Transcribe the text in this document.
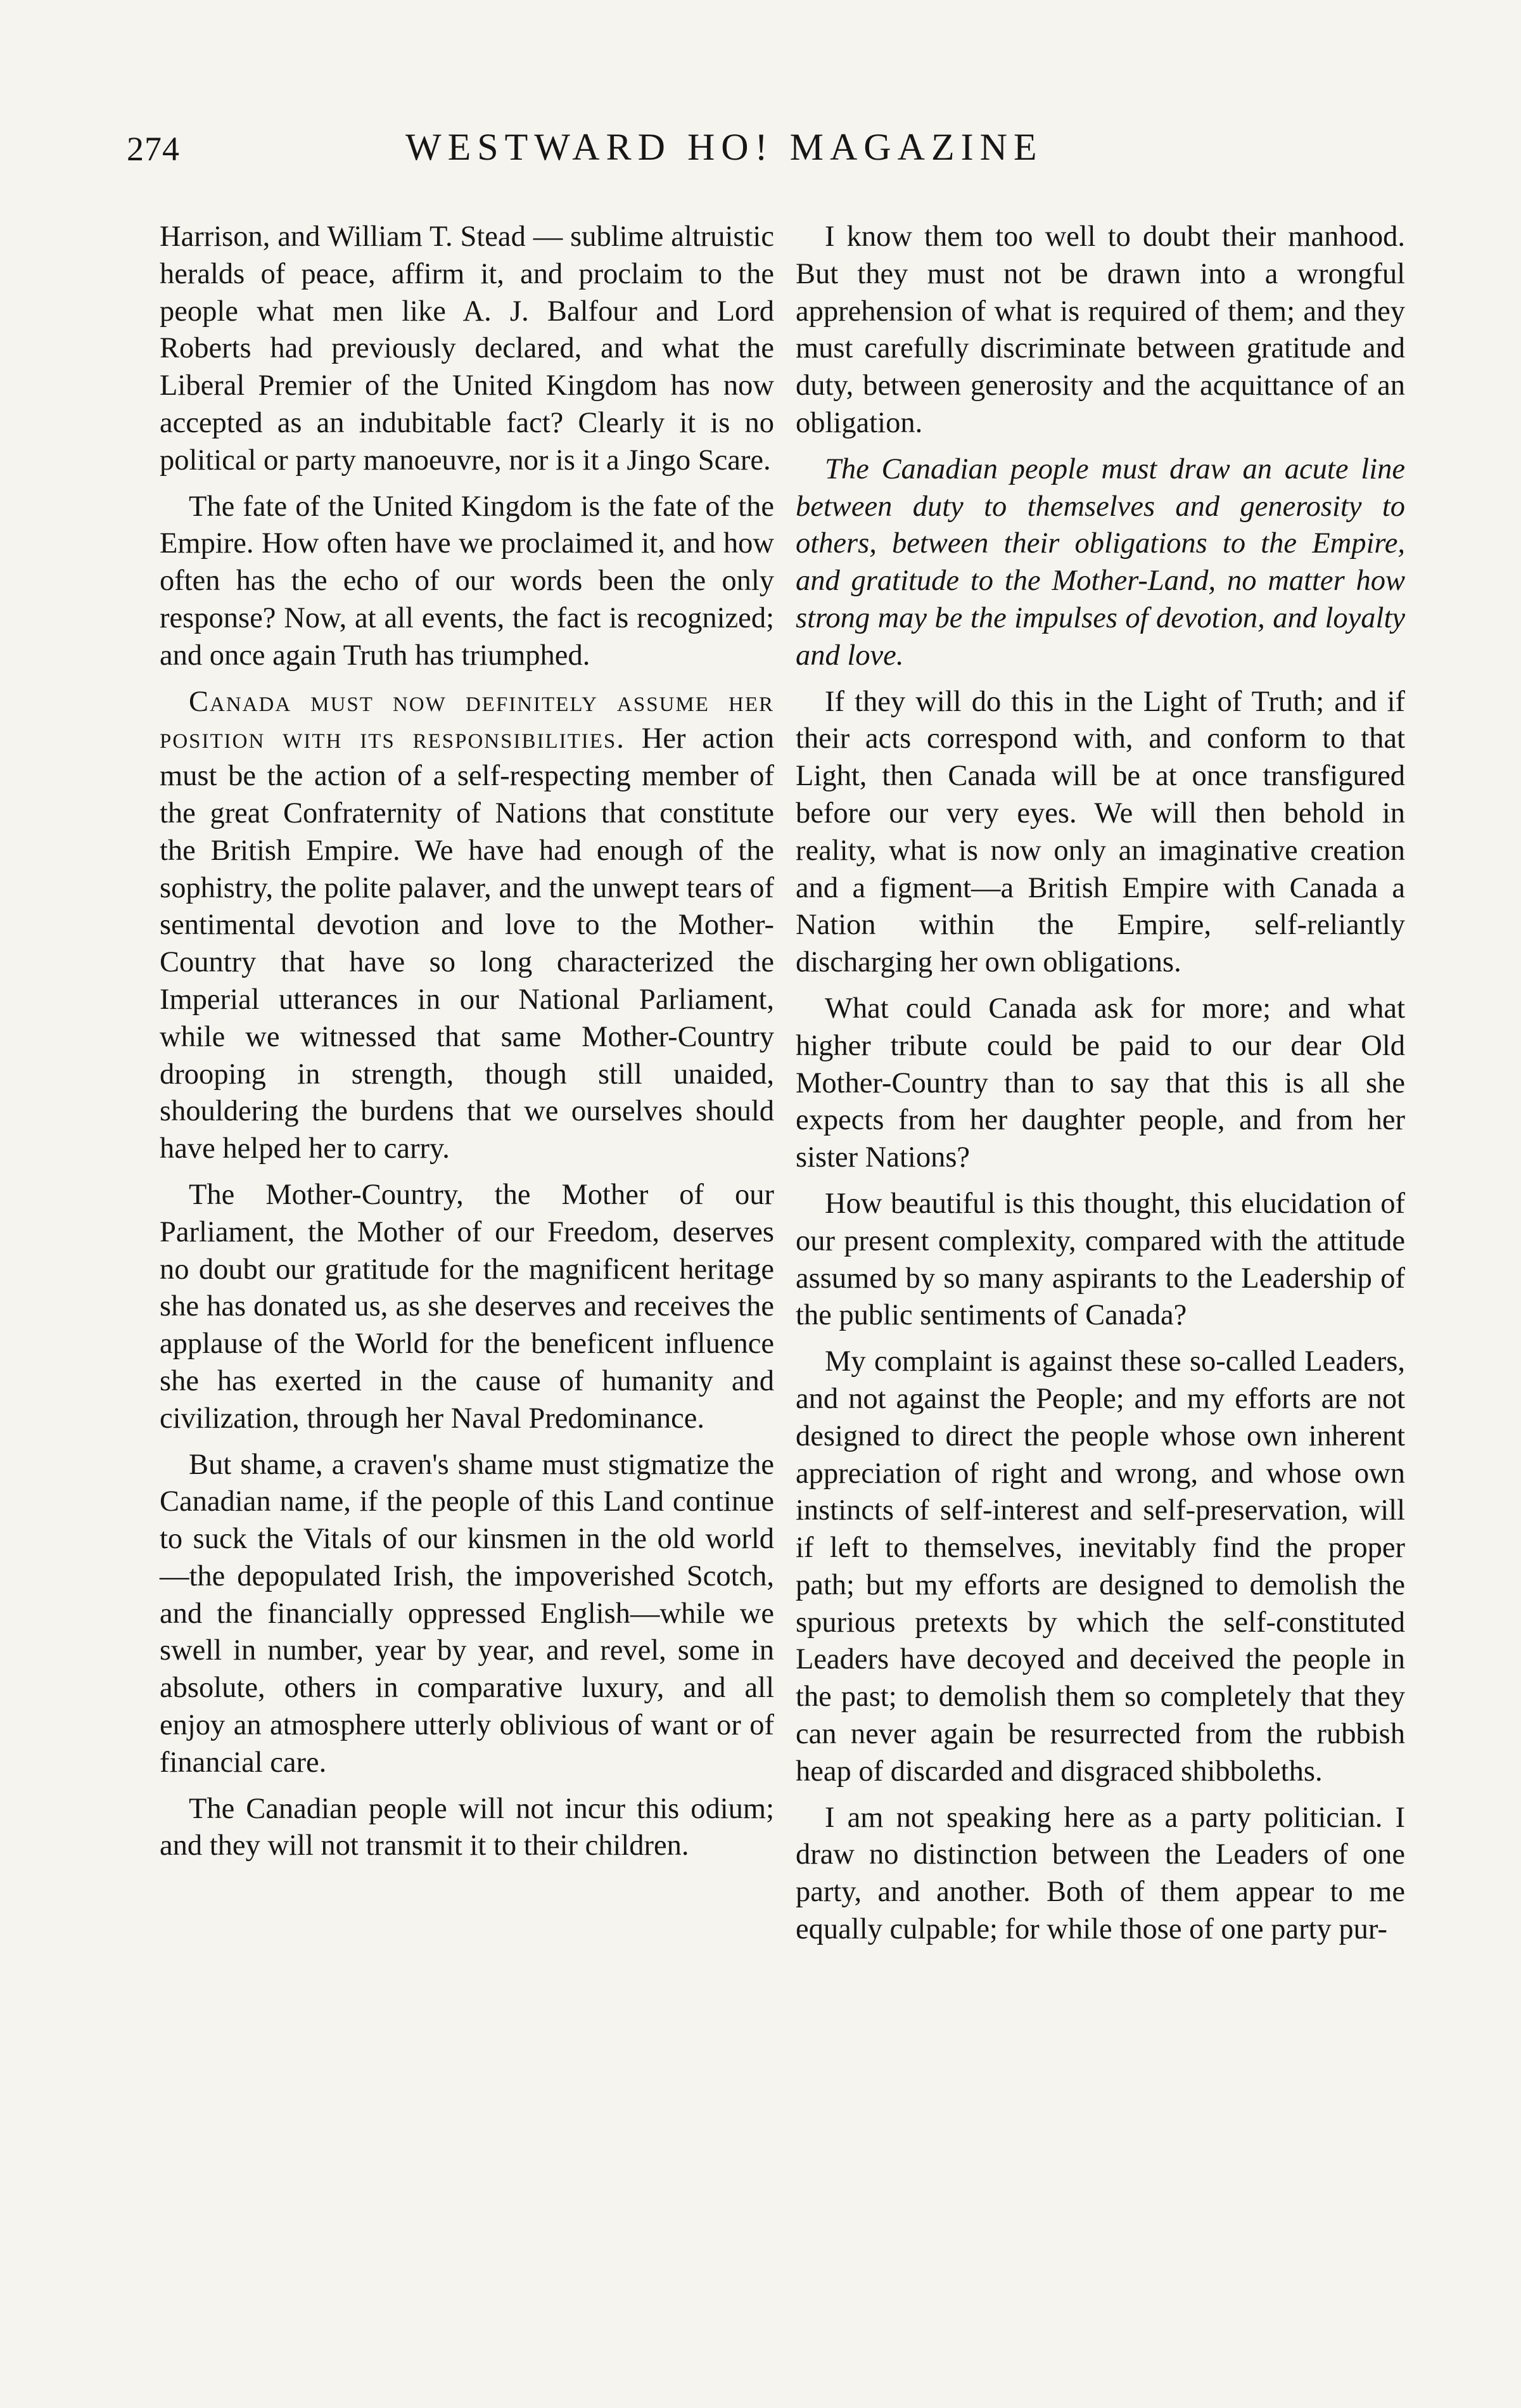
274	WESTWARD HO! MAGAZINE

Harrison, and William T. Stead — sublime altruistic heralds of peace, affirm it, and proclaim to the people what men like A. J. Balfour and Lord Roberts had previously declared, and what the Liberal Premier of the United Kingdom has now accepted as an indubitable fact? Clearly it is no political or party manoeuvre, nor is it a Jingo Scare.

The fate of the United Kingdom is the fate of the Empire. How often have we proclaimed it, and how often has the echo of our words been the only response? Now, at all events, the fact is recognized; and once again Truth has triumphed.

Canada must now definitely assume her position with its responsibilities. Her action must be the action of a self-respecting member of the great Confraternity of Nations that constitute the British Empire. We have had enough of the sophistry, the polite palaver, and the unwept tears of sentimental devotion and love to the Mother-Country that have so long characterized the Imperial utterances in our National Parliament, while we witnessed that same Mother-Country drooping in strength, though still unaided, shouldering the burdens that we ourselves should have helped her to carry.

The Mother-Country, the Mother of our Parliament, the Mother of our Freedom, deserves no doubt our gratitude for the magnificent heritage she has donated us, as she deserves and receives the applause of the World for the beneficent influence she has exerted in the cause of humanity and civilization, through her Naval Predominance.

But shame, a craven's shame must stigmatize the Canadian name, if the people of this Land continue to suck the Vitals of our kinsmen in the old world —the depopulated Irish, the impoverished Scotch, and the financially oppressed English—while we swell in number, year by year, and revel, some in absolute, others in comparative luxury, and all enjoy an atmosphere utterly oblivious of want or of financial care.

The Canadian people will not incur this odium; and they will not transmit it to their children.

I know them too well to doubt their manhood. But they must not be drawn into a wrongful apprehension of what is required of them; and they must carefully discriminate between gratitude and duty, between generosity and the acquittance of an obligation.

The Canadian people must draw an acute line between duty to themselves and generosity to others, between their obligations to the Empire, and gratitude to the Mother-Land, no matter how strong may be the impulses of devotion, and loyalty and love.

If they will do this in the Light of Truth; and if their acts correspond with, and conform to that Light, then Canada will be at once transfigured before our very eyes. We will then behold in reality, what is now only an imaginative creation and a figment—a British Empire with Canada a Nation within the Empire, self-reliantly discharging her own obligations.

What could Canada ask for more; and what higher tribute could be paid to our dear Old Mother-Country than to say that this is all she expects from her daughter people, and from her sister Nations?

How beautiful is this thought, this elucidation of our present complexity, compared with the attitude assumed by so many aspirants to the Leadership of the public sentiments of Canada?

My complaint is against these so-called Leaders, and not against the People; and my efforts are not designed to direct the people whose own inherent appreciation of right and wrong, and whose own instincts of self-interest and self-preservation, will if left to themselves, inevitably find the proper path; but my efforts are designed to demolish the spurious pretexts by which the self-constituted Leaders have decoyed and deceived the people in the past; to demolish them so completely that they can never again be resurrected from the rubbish heap of discarded and disgraced shibboleths.

I am not speaking here as a party politician. I draw no distinction between the Leaders of one party, and another. Both of them appear to me equally culpable; for while those of one party pur-
